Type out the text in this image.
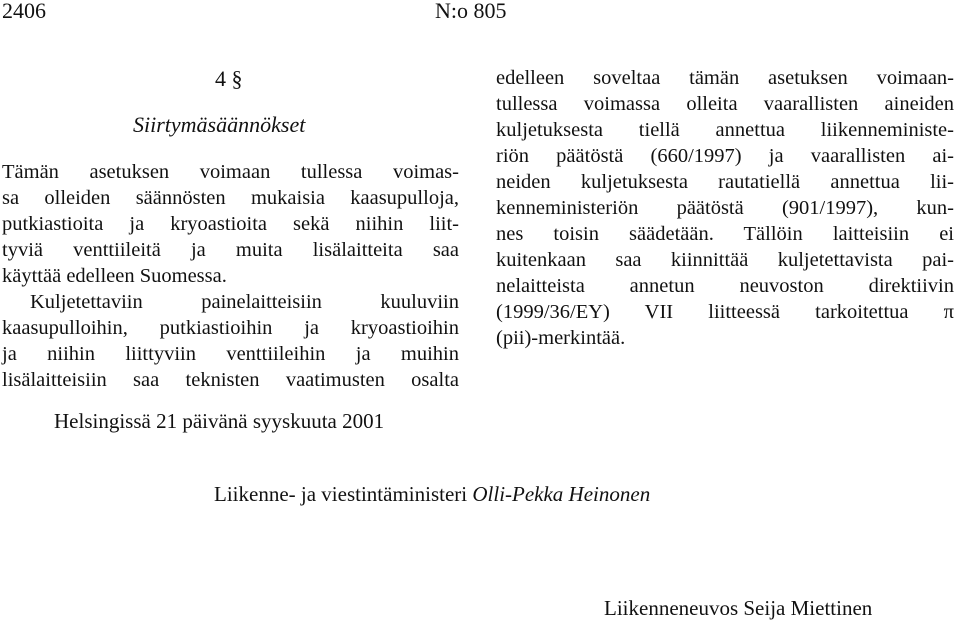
2406	N:o 805
4 §
Siirtymäsäännökset
Tämän asetuksen voimaan tullessa voimas-
sa olleiden säännösten mukaisia kaasupulloja,
putkiastioita ja kryoastioita sekä niihin liit-
tyviä venttiileitä ja muita lisälaitteita saa
käyttää edelleen Suomessa.
Kuljetettaviin painelaitteisiin kuuluviin
kaasupulloihin, putkiastioihin ja kryoastioihin
ja niihin liittyviin venttiileihin ja muihin
lisälaitteisiin saa teknisten vaatimusten osalta
edelleen soveltaa tämän asetuksen voimaan-
tullessa voimassa olleita vaarallisten aineiden
kuljetuksesta tiellä annettua liikenneministe-
riön päätöstä (660/1997) ja vaarallisten ai-
neiden kuljetuksesta rautatiellä annettua lii-
kenneministeriön päätöstä (901/1997), kun-
nes toisin säädetään. Tällöin laitteisiin ei
kuitenkaan saa kiinnittää kuljetettavista pai-
nelaitteista annetun neuvoston direktiivin
(1999/36/EY) VII liitteessä tarkoitettua π
(pii)-merkintää.
Helsingissä 21 päivänä syyskuuta 2001
Liikenne- ja viestintäministeri Olli-Pekka Heinonen
Liikenneneuvos Seija Miettinen
